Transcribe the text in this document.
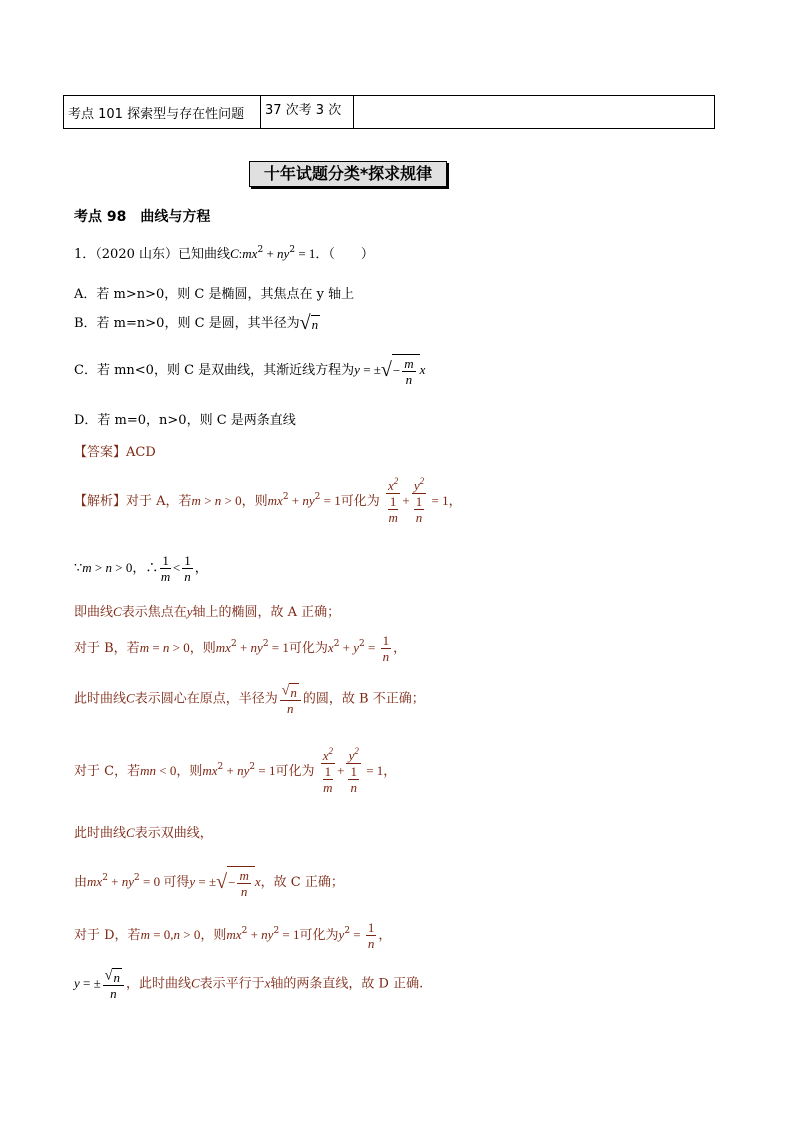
考点 101 探索型与存在性问题	37 次考 3 次	
十年试题分类*探求规律
考点 98　曲线与方程
1．（2020 山东）已知曲线$C:mx^2 + ny^2 = 1$．（　　）
A．若 m>n>0，则 C 是椭圆，其焦点在 y 轴上
B．若 m=n>0，则 C 是圆，其半径为√n
C．若 mn<0，则 C 是双曲线，其渐近线方程为y = ±√− $\frac{m}{n}$ x
D．若 m=0，n>0，则 C 是两条直线
【答案】ACD
【解析】对于 A，若m > n > 0，则$mx^2 + ny^2 = 1$可化为 $\frac{x^2}{\frac{1}{m}} + \frac{y^2}{\frac{1}{n}} = 1$，
∵m > n > 0，∴ $\frac{1}{m} < \frac{1}{n}$ ，
即曲线C表示焦点在y轴上的椭圆，故 A 正确；
对于 B，若m = n > 0，则$mx^2 + ny^2 = 1$可化为$x^2 + y^2 = \frac{1}{n}$ ，
此时曲线C表示圆心在原点，半径为 $\frac{√n}{n}$ 的圆，故 B 不正确；
对于 C，若mn < 0，则$mx^2 + ny^2 = 1$可化为 $\frac{x^2}{\frac{1}{m}} + \frac{y^2}{\frac{1}{n}} = 1$，
此时曲线C表示双曲线，
由$mx^2 + ny^2 = 0$ 可得y = ±√− $\frac{m}{n}$ x，故 C 正确；
对于 D，若m = 0,n > 0，则$mx^2 + ny^2 = 1$可化为$y^2 = \frac{1}{n}$ ，
y = ± $\frac{√n}{n}$ ，此时曲线C表示平行于x轴的两条直线，故 D 正确.
